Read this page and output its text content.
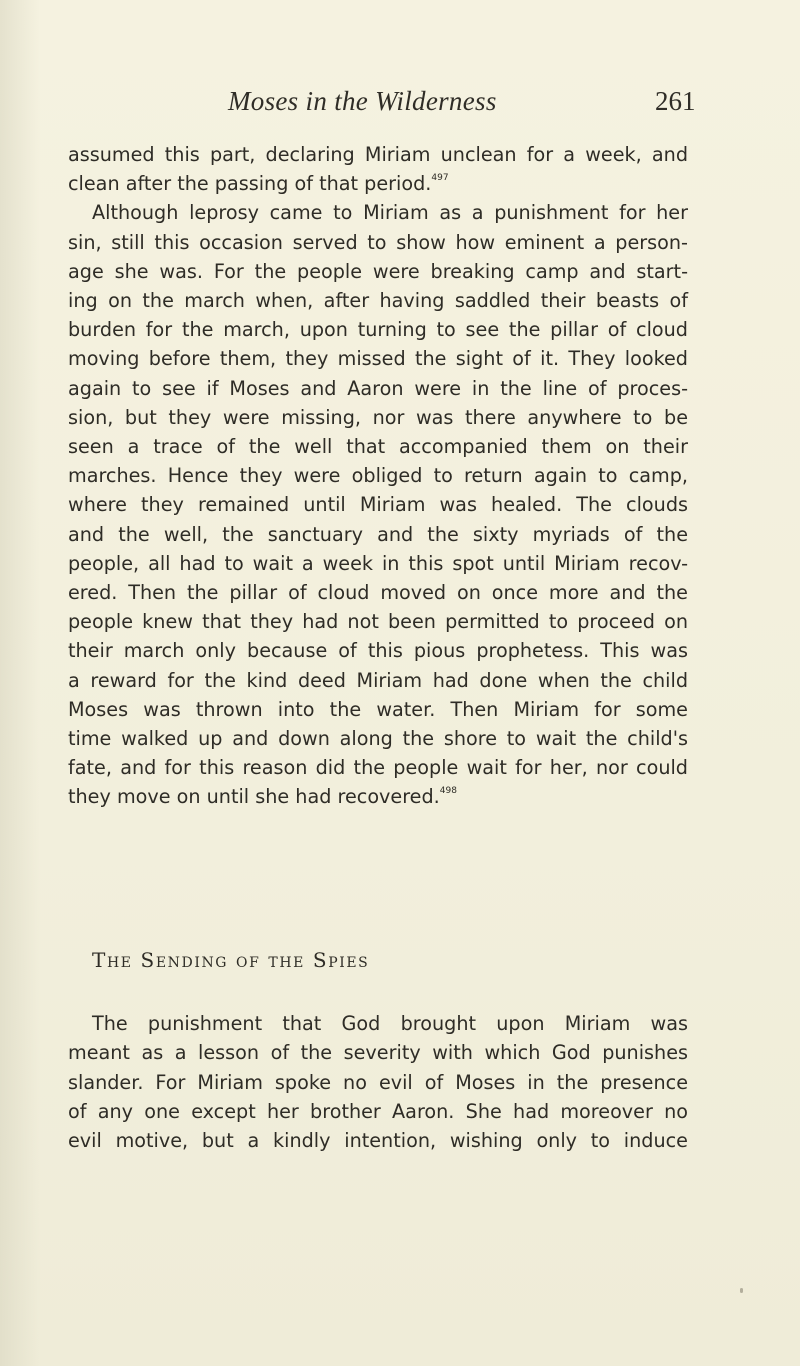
Moses in the Wilderness	261

assumed this part, declaring Miriam unclean for a week, and
clean after the passing of that period.$^{497}$

Although leprosy came to Miriam as a punishment for her
sin, still this occasion served to show how eminent a person-
age she was. For the people were breaking camp and start-
ing on the march when, after having saddled their beasts of
burden for the march, upon turning to see the pillar of cloud
moving before them, they missed the sight of it. They looked
again to see if Moses and Aaron were in the line of proces-
sion, but they were missing, nor was there anywhere to be
seen a trace of the well that accompanied them on their
marches. Hence they were obliged to return again to camp,
where they remained until Miriam was healed. The clouds
and the well, the sanctuary and the sixty myriads of the
people, all had to wait a week in this spot until Miriam recov-
ered. Then the pillar of cloud moved on once more and the
people knew that they had not been permitted to proceed on
their march only because of this pious prophetess. This was
a reward for the kind deed Miriam had done when the child
Moses was thrown into the water. Then Miriam for some
time walked up and down along the shore to wait the child's
fate, and for this reason did the people wait for her, nor could
they move on until she had recovered.$^{498}$

The Sending of the Spies

The punishment that God brought upon Miriam was
meant as a lesson of the severity with which God punishes
slander. For Miriam spoke no evil of Moses in the presence
of any one except her brother Aaron. She had moreover no
evil motive, but a kindly intention, wishing only to induce
